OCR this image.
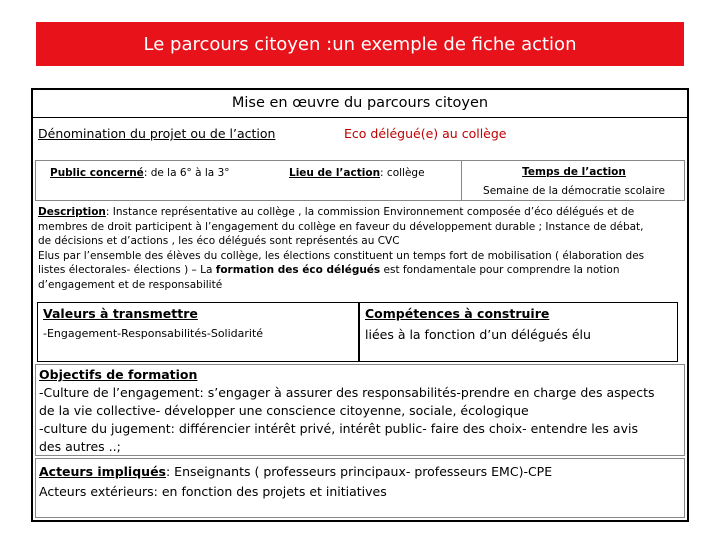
Le parcours citoyen :un exemple de fiche action
Mise en œuvre du parcours citoyen
Dénomination du projet ou de l’action	Eco délégué(e) au collège
Public concerné: de la 6° à la 3°	Lieu de l’action: collège	Temps de l’action
Semaine de la démocratie scolaire
Description: Instance représentative au collège , la commission Environnement composée d’éco délégués et de
membres de droit participent à l’engagement du collège en faveur du développement durable ; Instance de débat,
de décisions et d’actions , les éco délégués sont représentés au CVC
Elus par l’ensemble des élèves du collège, les élections constituent un temps fort de mobilisation ( élaboration des
listes électorales- élections ) – La formation des éco délégués est fondamentale pour comprendre la notion
d’engagement et de responsabilité
Valeurs à transmettre
-Engagement-Responsabilités-Solidarité
Compétences à construire
liées à la fonction d’un délégués élu
Objectifs de formation
-Culture de l’engagement: s’engager à assurer des responsabilités-prendre en charge des aspects
de la vie collective- développer une conscience citoyenne, sociale, écologique
-culture du jugement: différencier intérêt privé, intérêt public- faire des choix- entendre les avis
des autres ..;
Acteurs impliqués: Enseignants ( professeurs principaux- professeurs EMC)-CPE
Acteurs extérieurs: en fonction des projets et initiatives
